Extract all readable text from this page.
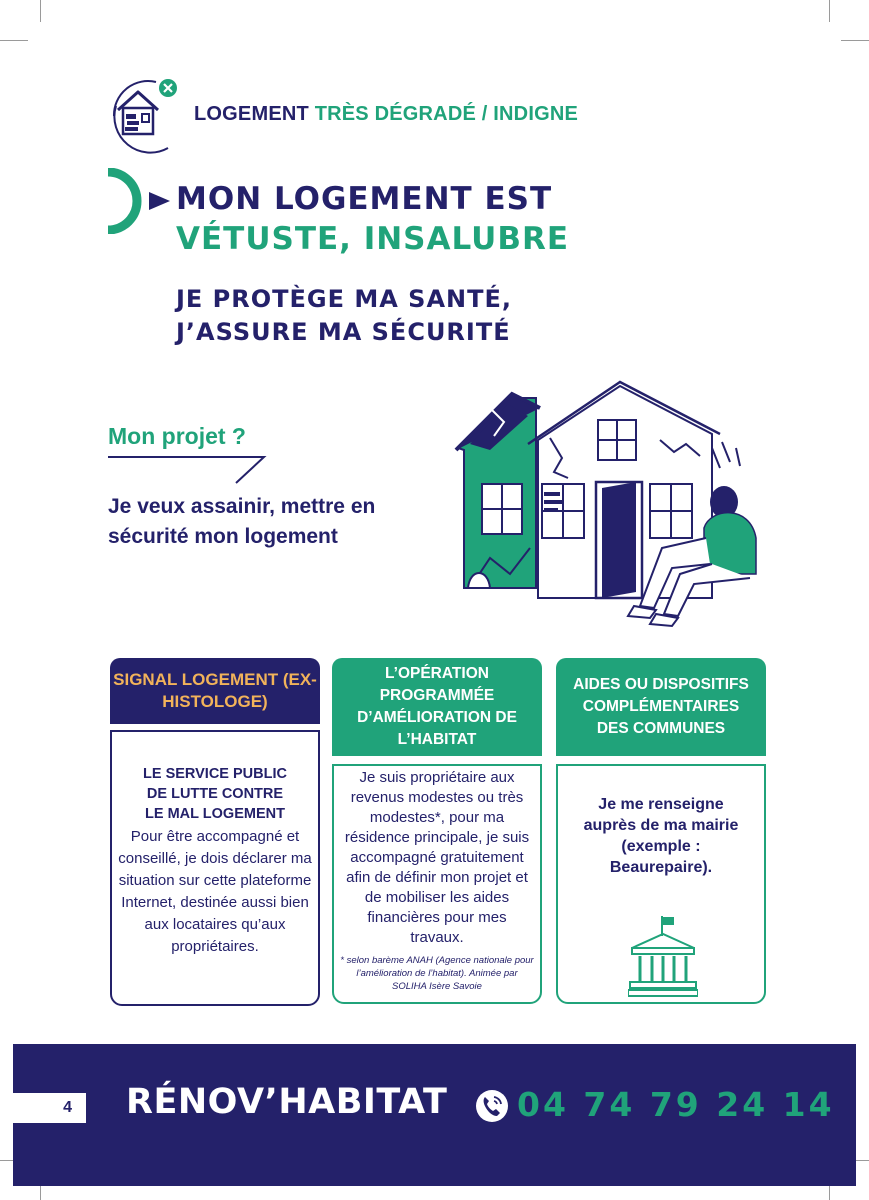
LOGEMENT TRÈS DÉGRADÉ / INDIGNE
MON LOGEMENT EST
VÉTUSTE, INSALUBRE
JE PROTÈGE MA SANTÉ,
J’ASSURE MA SÉCURITÉ
Mon projet ?
Je veux assainir, mettre en sécurité mon logement
SIGNAL LOGEMENT (EX-HISTOLOGE)
LE SERVICE PUBLIC DE LUTTE CONTRE LE MAL LOGEMENT
Pour être accompagné et conseillé, je dois déclarer ma situation sur cette plateforme Internet, destinée aussi bien aux locataires qu’aux propriétaires.
L’OPÉRATION PROGRAMMÉE D’AMÉLIORATION DE L’HABITAT
Je suis propriétaire aux revenus modestes ou très modestes*, pour ma résidence principale, je suis accompagné gratuitement afin de définir mon projet et de mobiliser les aides financières pour mes travaux.
* selon barème ANAH (Agence nationale pour l’amélioration de l’habitat). Animée par SOLIHA Isère Savoie
AIDES OU DISPOSITIFS COMPLÉMENTAIRES DES COMMUNES
Je me renseigne auprès de ma mairie (exemple : Beaurepaire).
4	RÉNOV’HABITAT 04 74 79 24 14
